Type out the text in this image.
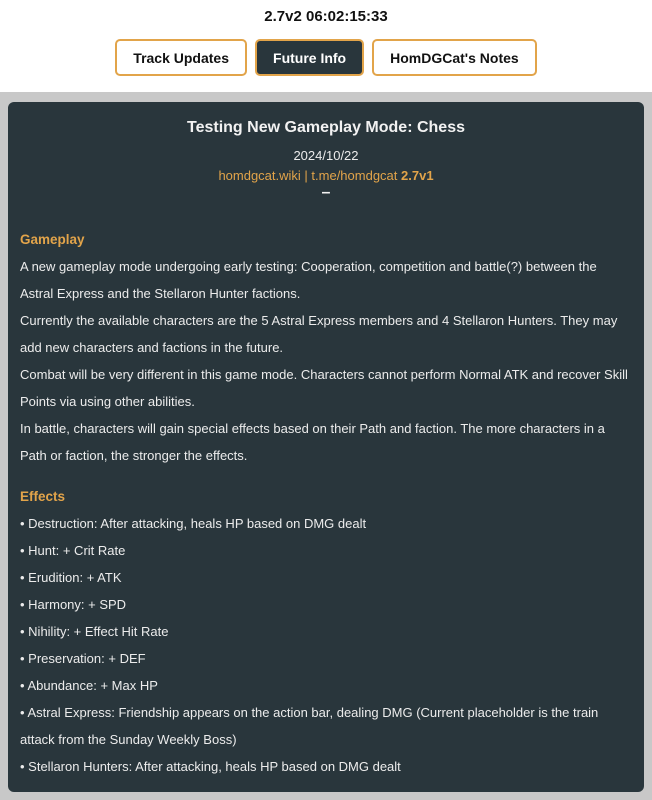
2.7v2 06:02:15:33
Track Updates	Future Info	HomDGCat's Notes
Testing New Gameplay Mode: Chess
2024/10/22
homdgcat.wiki | t.me/homdgcat 2.7v1
–
Gameplay

A new gameplay mode undergoing early testing: Cooperation, competition and battle(?) between the Astral Express and the Stellaron Hunter factions.

Currently the available characters are the 5 Astral Express members and 4 Stellaron Hunters. They may add new characters and factions in the future.

Combat will be very different in this game mode. Characters cannot perform Normal ATK and recover Skill Points via using other abilities.

In battle, characters will gain special effects based on their Path and faction. The more characters in a Path or faction, the stronger the effects.

Effects

• Destruction: After attacking, heals HP based on DMG dealt

• Hunt: + Crit Rate

• Erudition: + ATK

• Harmony: + SPD

• Nihility: + Effect Hit Rate

• Preservation: + DEF

• Abundance: + Max HP

• Astral Express: Friendship appears on the action bar, dealing DMG (Current placeholder is the train attack from the Sunday Weekly Boss)

• Stellaron Hunters: After attacking, heals HP based on DMG dealt
